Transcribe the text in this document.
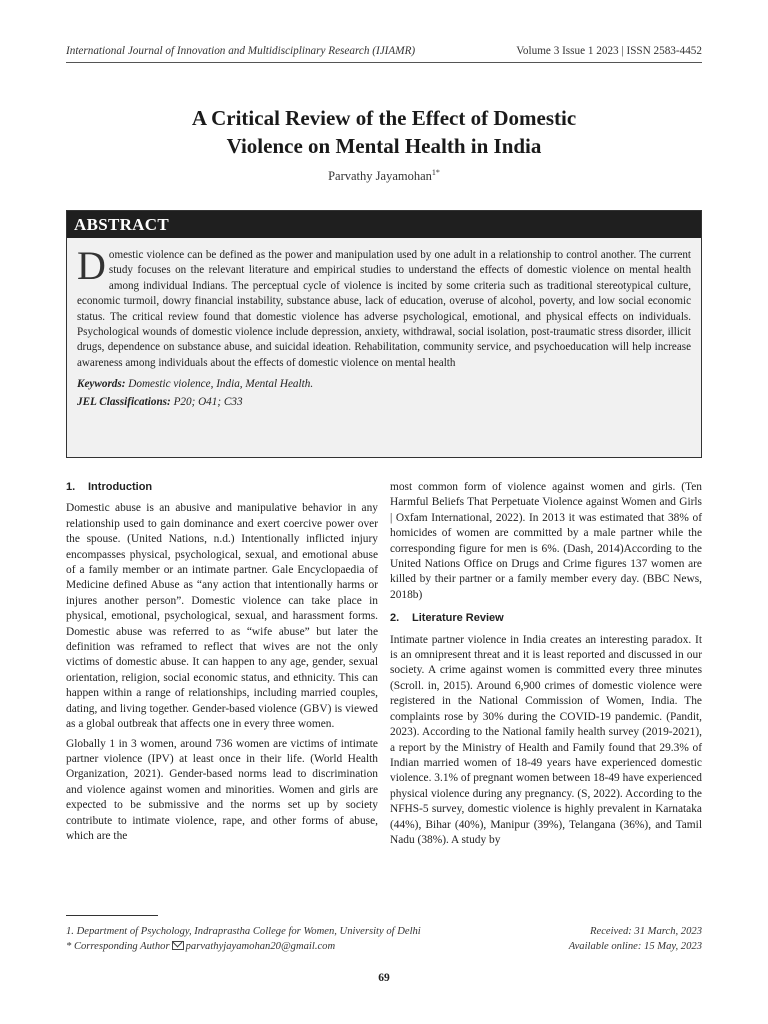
International Journal of Innovation and Multidisciplinary Research (IJIAMR)	Volume 3 Issue 1 2023 | ISSN 2583-4452
A Critical Review of the Effect of Domestic
Violence on Mental Health in India
Parvathy Jayamohan$^{1*}$
ABSTRACT
Domestic violence can be defined as the power and manipulation used by one adult in a relationship to control another. The current study focuses on the relevant literature and empirical studies to understand the effects of domestic violence on mental health among individual Indians. The perceptual cycle of violence is incited by some criteria such as traditional stereotypical culture, economic turmoil, dowry financial instability, substance abuse, lack of education, overuse of alcohol, poverty, and low social economic status. The critical review found that domestic violence has adverse psychological, emotional, and physical effects on individuals. Psychological wounds of domestic violence include depression, anxiety, withdrawal, social isolation, post-traumatic stress disorder, illicit drugs, dependence on substance abuse, and suicidal ideation. Rehabilitation, community service, and psychoeducation will help increase awareness among individuals about the effects of domestic violence on mental health
Keywords: Domestic violence, India, Mental Health.
JEL Classifications: P20; O41; C33
1. Introduction

Domestic abuse is an abusive and manipulative behavior in any relationship used to gain dominance and exert coercive power over the spouse. (United Nations, n.d.) Intentionally inflicted injury encompasses physical, psychological, sexual, and emotional abuse of a family member or an intimate partner. Gale Encyclopaedia of Medicine defined Abuse as “any action that intentionally harms or injures another person”. Domestic violence can take place in physical, emotional, psychological, sexual, and harassment forms. Domestic abuse was referred to as “wife abuse” but later the definition was reframed to reflect that wives are not the only victims of domestic abuse. It can happen to any age, gender, sexual orientation, religion, social economic status, and ethnicity. This can happen within a range of relationships, including married couples, dating, and living together. Gender-based violence (GBV) is viewed as a global outbreak that affects one in every three women.

Globally 1 in 3 women, around 736 women are victims of intimate partner violence (IPV) at least once in their life. (World Health Organization, 2021). Gender-based norms lead to discrimination and violence against women and minorities. Women and girls are expected to be submissive and the norms set up by society contribute to intimate violence, rape, and other forms of abuse, which are the

most common form of violence against women and girls. (Ten Harmful Beliefs That Perpetuate Violence against Women and Girls | Oxfam International, 2022). In 2013 it was estimated that 38% of homicides of women are committed by a male partner while the corresponding figure for men is 6%. (Dash, 2014)According to the United Nations Office on Drugs and Crime figures 137 women are killed by their partner or a family member every day. (BBC News, 2018b)

2. Literature Review

Intimate partner violence in India creates an interesting paradox. It is an omnipresent threat and it is least reported and discussed in our society. A crime against women is committed every three minutes (Scroll. in, 2015). Around 6,900 crimes of domestic violence were registered in the National Commission of Women, India. The complaints rose by 30% during the COVID-19 pandemic. (Pandit, 2023). According to the National family health survey (2019-2021), a report by the Ministry of Health and Family found that 29.3% of Indian married women of 18-49 years have experienced domestic violence. 3.1% of pregnant women between 18-49 have experienced physical violence during any pregnancy. (S, 2022). According to the NFHS-5 survey, domestic violence is highly prevalent in Karnataka (44%), Bihar (40%), Manipur (39%), Telangana (36%), and Tamil Nadu (38%). A study by

1. Department of Psychology, Indraprastha College for Women, University of Delhi
* Corresponding Author parvathyjayamohan20@gmail.com
Received: 31 March, 2023
Available online: 15 May, 2023
69
